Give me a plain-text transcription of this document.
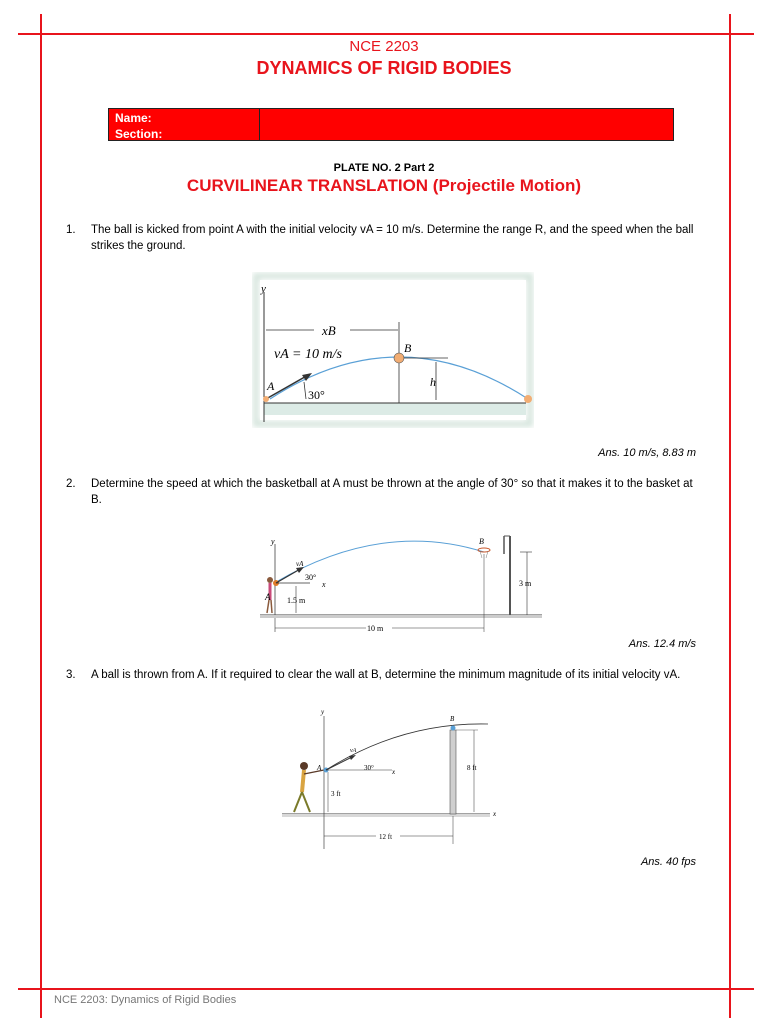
NCE 2203
DYNAMICS OF RIGID BODIES
Name:
Section:
PLATE NO. 2 Part 2
CURVILINEAR TRANSLATION (Projectile Motion)
1. The ball is kicked from point A with the initial velocity vA = 10 m/s. Determine the range R, and the speed when the ball strikes the ground.
y
xB
h
B
vA = 10 m/s
A
30°
Ans. 10 m/s, 8.83 m
2. Determine the speed at which the basketball at A must be thrown at the angle of 30° so that it makes it to the basket at B.
y
A
vA
30°
x
1.5 m
B
3 m
10 m
Ans. 12.4 m/s
3. A ball is thrown from A. If it required to clear the wall at B, determine the minimum magnitude of its initial velocity vA.
x
y
A
vA
30°	x
3 ft
B
8 ft
12 ft
Ans. 40 fps
NCE 2203: Dynamics of Rigid Bodies
